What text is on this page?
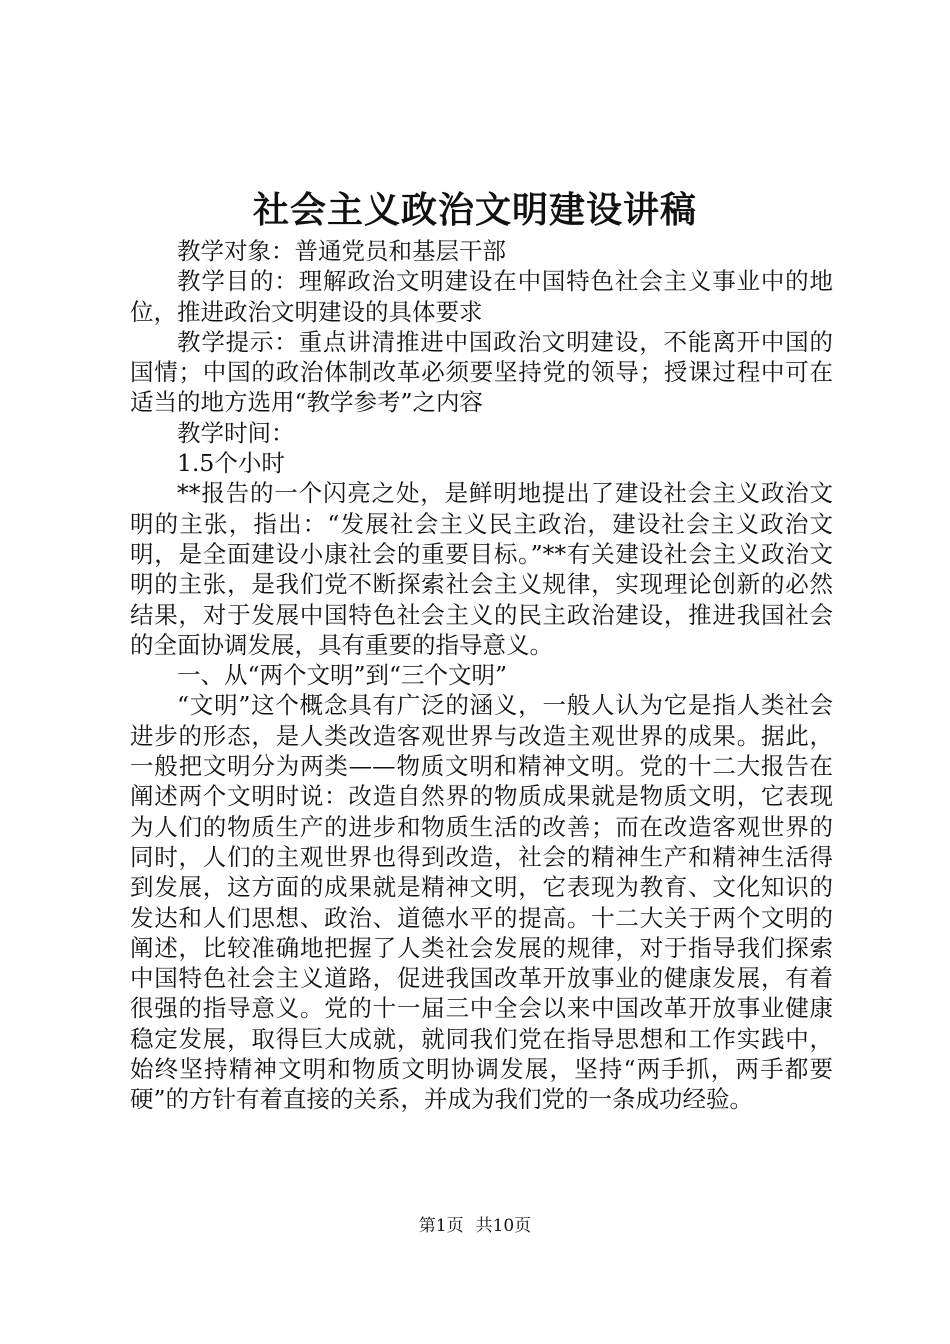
社会主义政治文明建设讲稿

教学对象：普通党员和基层干部

教学目的：理解政治文明建设在中国特色社会主义事业中的地位，推进政治文明建设的具体要求

教学提示：重点讲清推进中国政治文明建设，不能离开中国的国情；中国的政治体制改革必须要坚持党的领导；授课过程中可在适当的地方选用“教学参考”之内容

教学时间：

1.5个小时

**报告的一个闪亮之处，是鲜明地提出了建设社会主义政治文明的主张，指出：“发展社会主义民主政治，建设社会主义政治文明，是全面建设小康社会的重要目标。”**有关建设社会主义政治文明的主张，是我们党不断探索社会主义规律，实现理论创新的必然结果，对于发展中国特色社会主义的民主政治建设，推进我国社会的全面协调发展，具有重要的指导意义。

一、从“两个文明”到“三个文明”

“文明”这个概念具有广泛的涵义，一般人认为它是指人类社会进步的形态，是人类改造客观世界与改造主观世界的成果。据此，一般把文明分为两类——物质文明和精神文明。党的十二大报告在阐述两个文明时说：改造自然界的物质成果就是物质文明，它表现为人们的物质生产的进步和物质生活的改善；而在改造客观世界的同时，人们的主观世界也得到改造，社会的精神生产和精神生活得到发展，这方面的成果就是精神文明，它表现为教育、文化知识的发达和人们思想、政治、道德水平的提高。十二大关于两个文明的阐述，比较准确地把握了人类社会发展的规律，对于指导我们探索中国特色社会主义道路，促进我国改革开放事业的健康发展，有着很强的指导意义。党的十一届三中全会以来中国改革开放事业健康稳定发展，取得巨大成就，就同我们党在指导思想和工作实践中，始终坚持精神文明和物质文明协调发展，坚持“两手抓，两手都要硬”的方针有着直接的关系，并成为我们党的一条成功经验。

第1页 共10页
